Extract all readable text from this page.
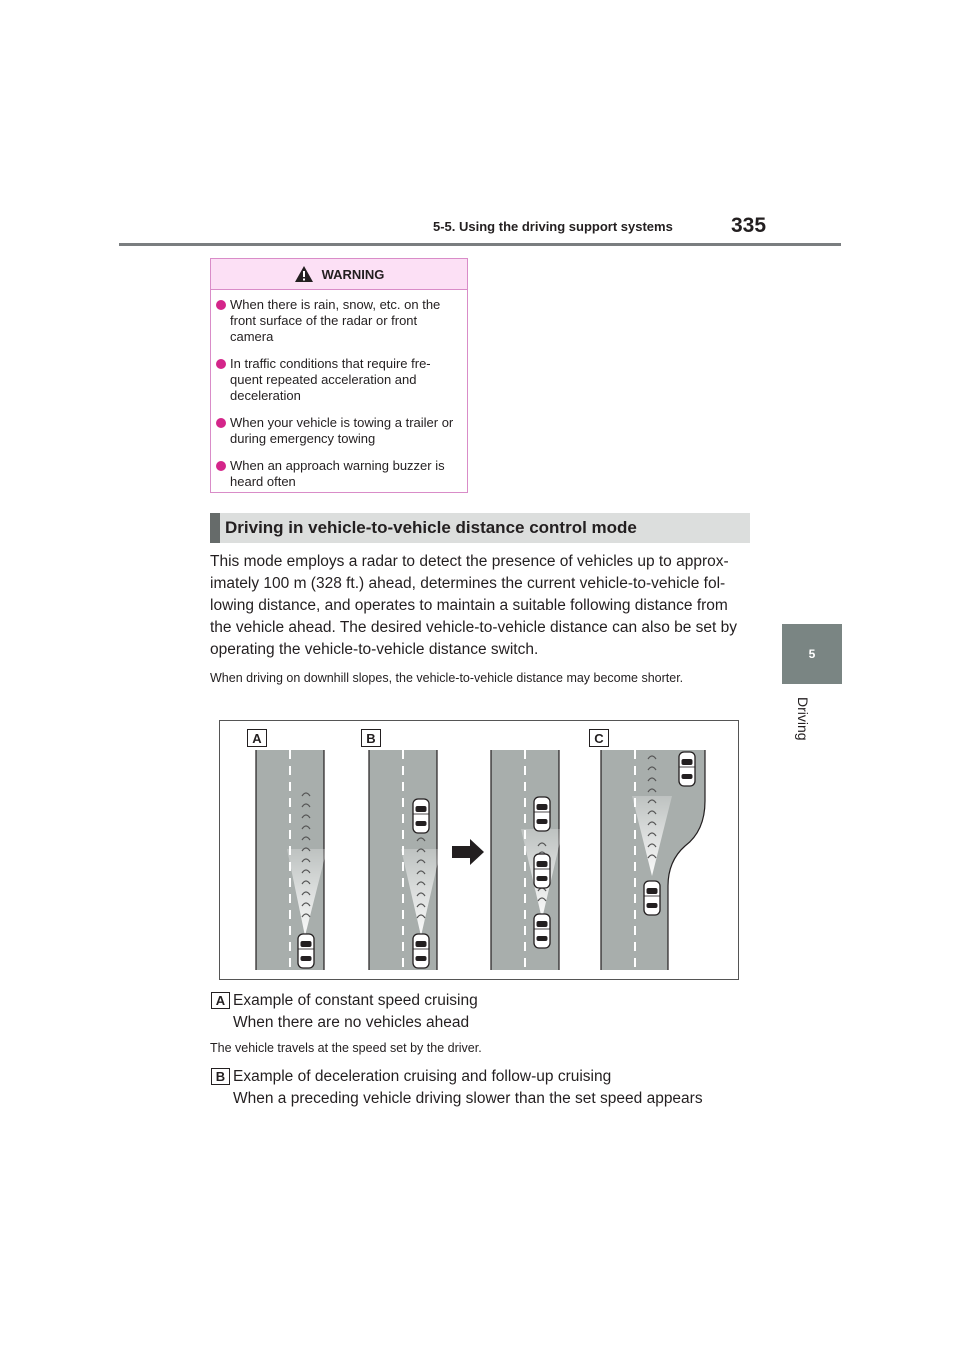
5-5. Using the driving support systems	335
5
Driving
WARNING
When there is rain, snow, etc. on the front surface of the radar or front camera
In traffic conditions that require fre-quent repeated acceleration and deceleration
When your vehicle is towing a trailer or during emergency towing
When an approach warning buzzer is heard often
Driving in vehicle-to-vehicle distance control mode

This mode employs a radar to detect the presence of vehicles up to approx-imately 100 m (328 ft.) ahead, determines the current vehicle-to-vehicle fol-lowing distance, and operates to maintain a suitable following distance from the vehicle ahead. The desired vehicle-to-vehicle distance can also be set by operating the vehicle-to-vehicle distance switch.

When driving on downhill slopes, the vehicle-to-vehicle distance may become shorter.

A	B	C
A Example of constant speed cruising
When there are no vehicles ahead
The vehicle travels at the speed set by the driver.
B Example of deceleration cruising and follow-up cruising
When a preceding vehicle driving slower than the set speed appears
